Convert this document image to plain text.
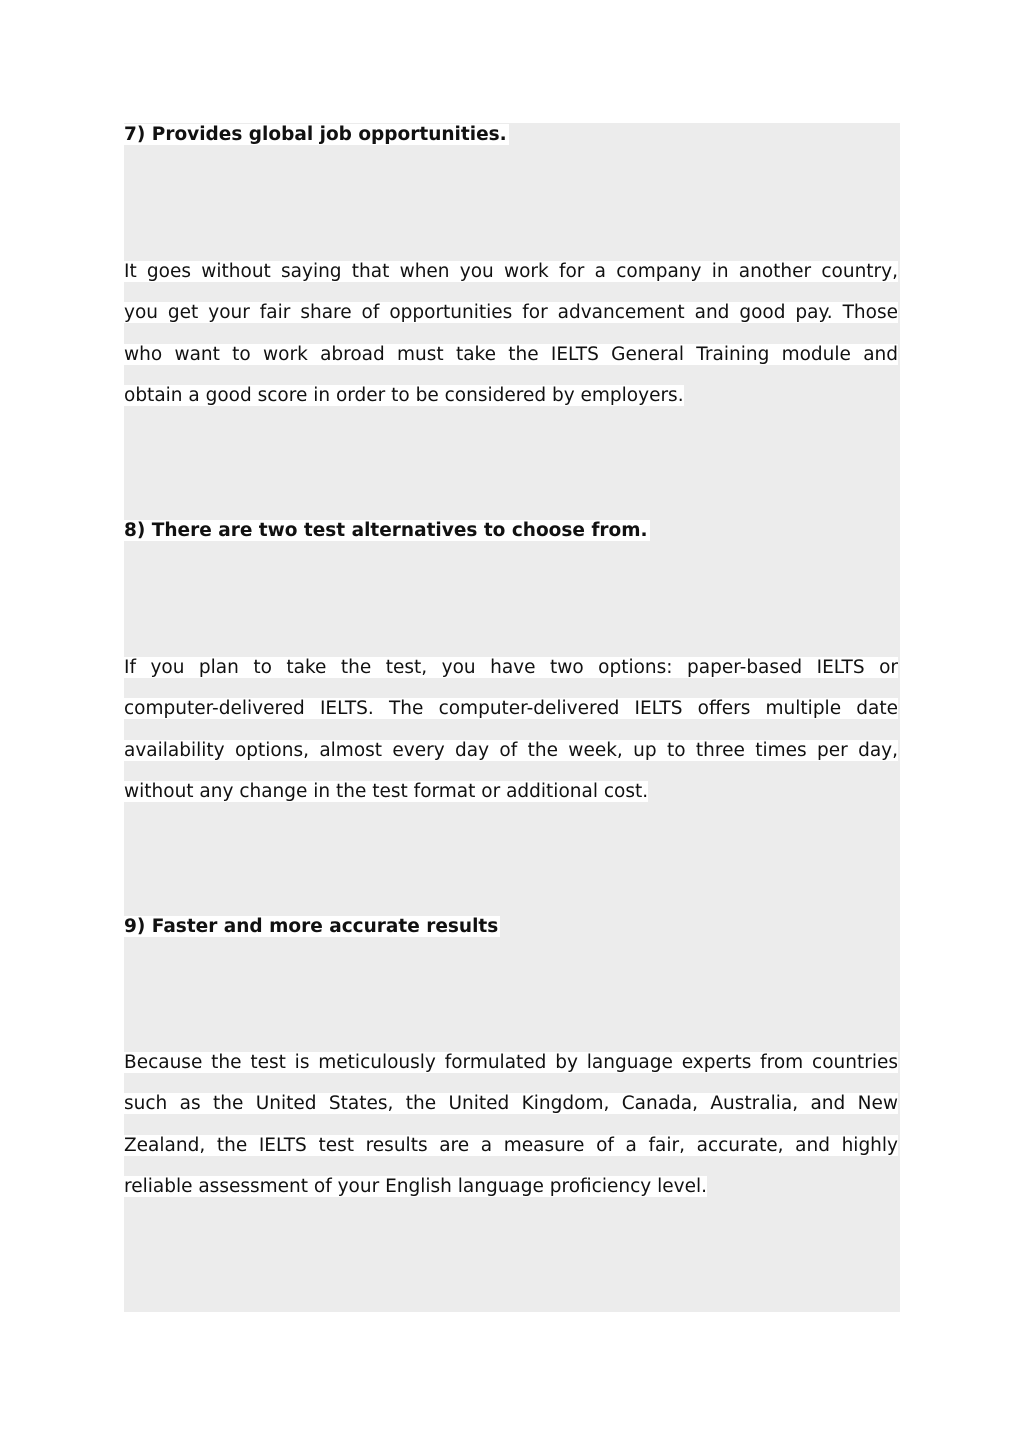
7) Provides global job opportunities.
It goes without saying that when you work for a company in another country,
you get your fair share of opportunities for advancement and good pay. Those
who want to work abroad must take the IELTS General Training module and
obtain a good score in order to be considered by employers.
8) There are two test alternatives to choose from.
If you plan to take the test, you have two options: paper-based IELTS or
computer-delivered IELTS. The computer-delivered IELTS offers multiple date
availability options, almost every day of the week, up to three times per day,
without any change in the test format or additional cost.
9) Faster and more accurate results
Because the test is meticulously formulated by language experts from countries
such as the United States, the United Kingdom, Canada, Australia, and New
Zealand, the IELTS test results are a measure of a fair, accurate, and highly
reliable assessment of your English language proficiency level.
